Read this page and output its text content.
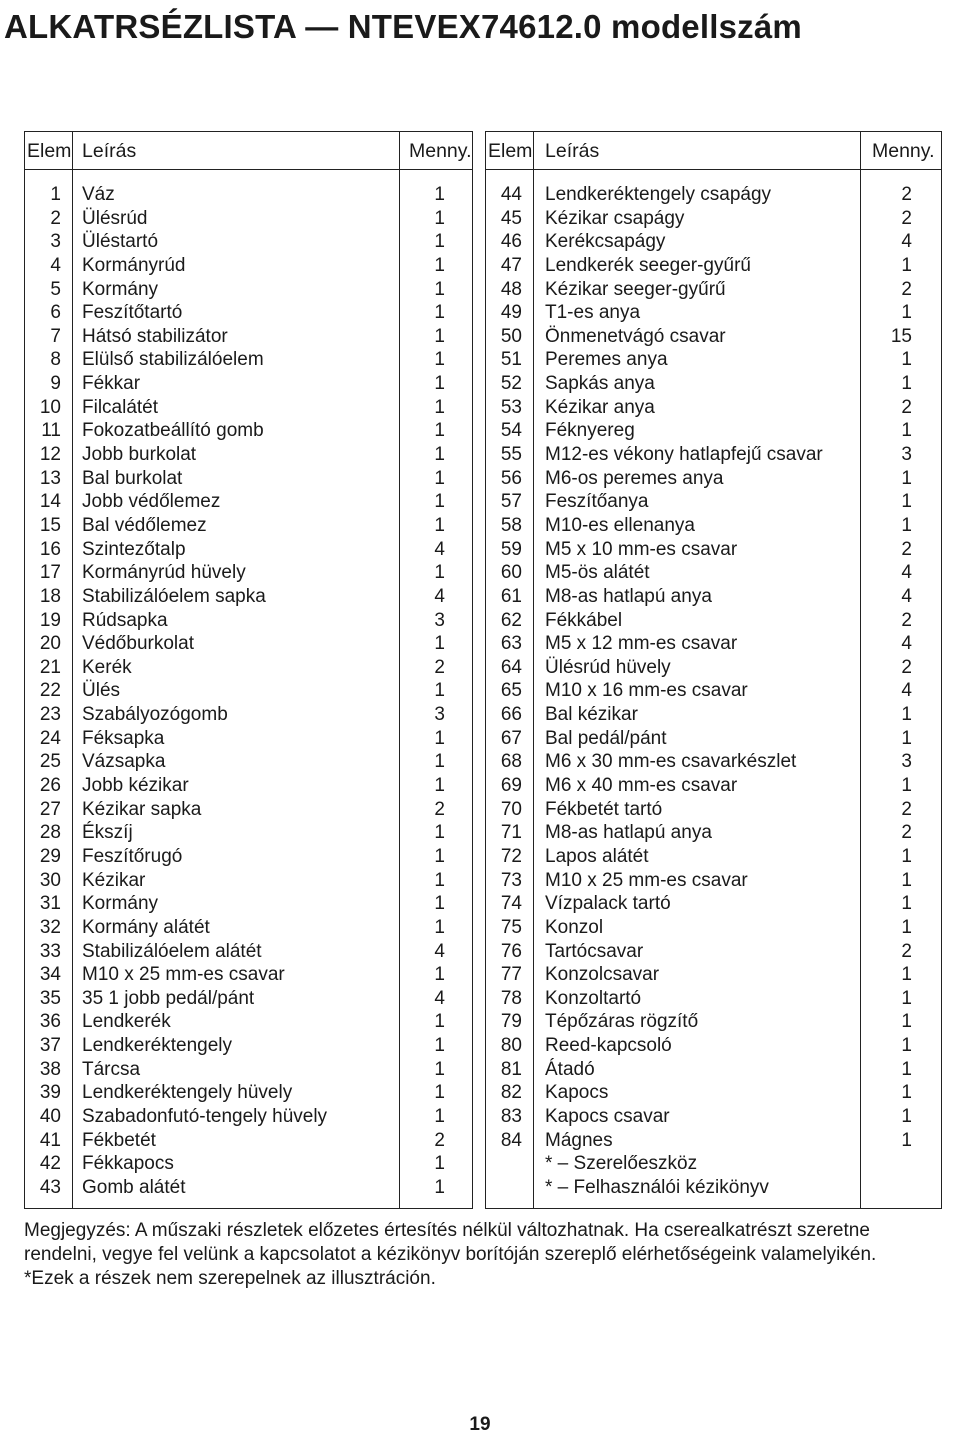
ALKATRSÉZLISTA — NTEVEX74612.0 modellszám
Elem Leírás	Menny.
1 Váz	1
2 Ülésrúd	1
3 Üléstartó	1
4 Kormányrúd	1
5 Kormány	1
6 Feszítőtartó	1
7 Hátsó stabilizátor	1
8 Elülső stabilizálóelem	1
9 Fékkar	1
10 Filcalátét	1
11 Fokozatbeállító gomb	1
12 Jobb burkolat	1
13 Bal burkolat	1
14 Jobb védőlemez	1
15 Bal védőlemez	1
16 Szintezőtalp	4
17 Kormányrúd hüvely	1
18 Stabilizálóelem sapka	4
19 Rúdsapka	3
20 Védőburkolat	1
21 Kerék	2
22 Ülés	1
23 Szabályozógomb	3
24 Féksapka	1
25 Vázsapka	1
26 Jobb kézikar	1
27 Kézikar sapka	2
28 Ékszíj	1
29 Feszítőrugó	1
30 Kézikar	1
31 Kormány	1
32 Kormány alátét	1
33 Stabilizálóelem alátét	4
34 M10 x 25 mm-es csavar	1
35 35 1 jobb pedál/pánt	4
36 Lendkerék	1
37 Lendkeréktengely	1
38 Tárcsa	1
39 Lendkeréktengely hüvely	1
40 Szabadonfutó-tengely hüvely	1
41 Fékbetét	2
42 Fékkapocs	1
43 Gomb alátét	1
Elem Leírás	Menny.
44 Lendkeréktengely csapágy	2
45 Kézikar csapágy	2
46 Kerékcsapágy	4
47 Lendkerék seeger-gyűrű	1
48 Kézikar seeger-gyűrű	2
49 T1-es anya	1
50 Önmenetvágó csavar	15
51 Peremes anya	1
52 Sapkás anya	1
53 Kézikar anya	2
54 Féknyereg	1
55 M12-es vékony hatlapfejű csavar	3
56 M6-os peremes anya	1
57 Feszítőanya	1
58 M10-es ellenanya	1
59 M5 x 10 mm-es csavar	2
60 M5-ös alátét	4
61 M8-as hatlapú anya	4
62 Fékkábel	2
63 M5 x 12 mm-es csavar	4
64 Ülésrúd hüvely	2
65 M10 x 16 mm-es csavar	4
66 Bal kézikar	1
67 Bal pedál/pánt	1
68 M6 x 30 mm-es csavarkészlet	3
69 M6 x 40 mm-es csavar	1
70 Fékbetét tartó	2
71 M8-as hatlapú anya	2
72 Lapos alátét	1
73 M10 x 25 mm-es csavar	1
74 Vízpalack tartó	1
75 Konzol	1
76 Tartócsavar	2
77 Konzolcsavar	1
78 Konzoltartó	1
79 Tépőzáras rögzítő	1
80 Reed-kapcsoló	1
81 Átadó	1
82 Kapocs	1
83 Kapocs csavar	1
84 Mágnes	1
* – Szerelőeszköz
* – Felhasználói kézikönyv
Megjegyzés: A műszaki részletek előzetes értesítés nélkül változhatnak. Ha cserealkatrészt szeretne
rendelni, vegye fel velünk a kapcsolatot a kézikönyv borítóján szereplő elérhetőségeink valamelyikén.
*Ezek a részek nem szerepelnek az illusztráción.
19
